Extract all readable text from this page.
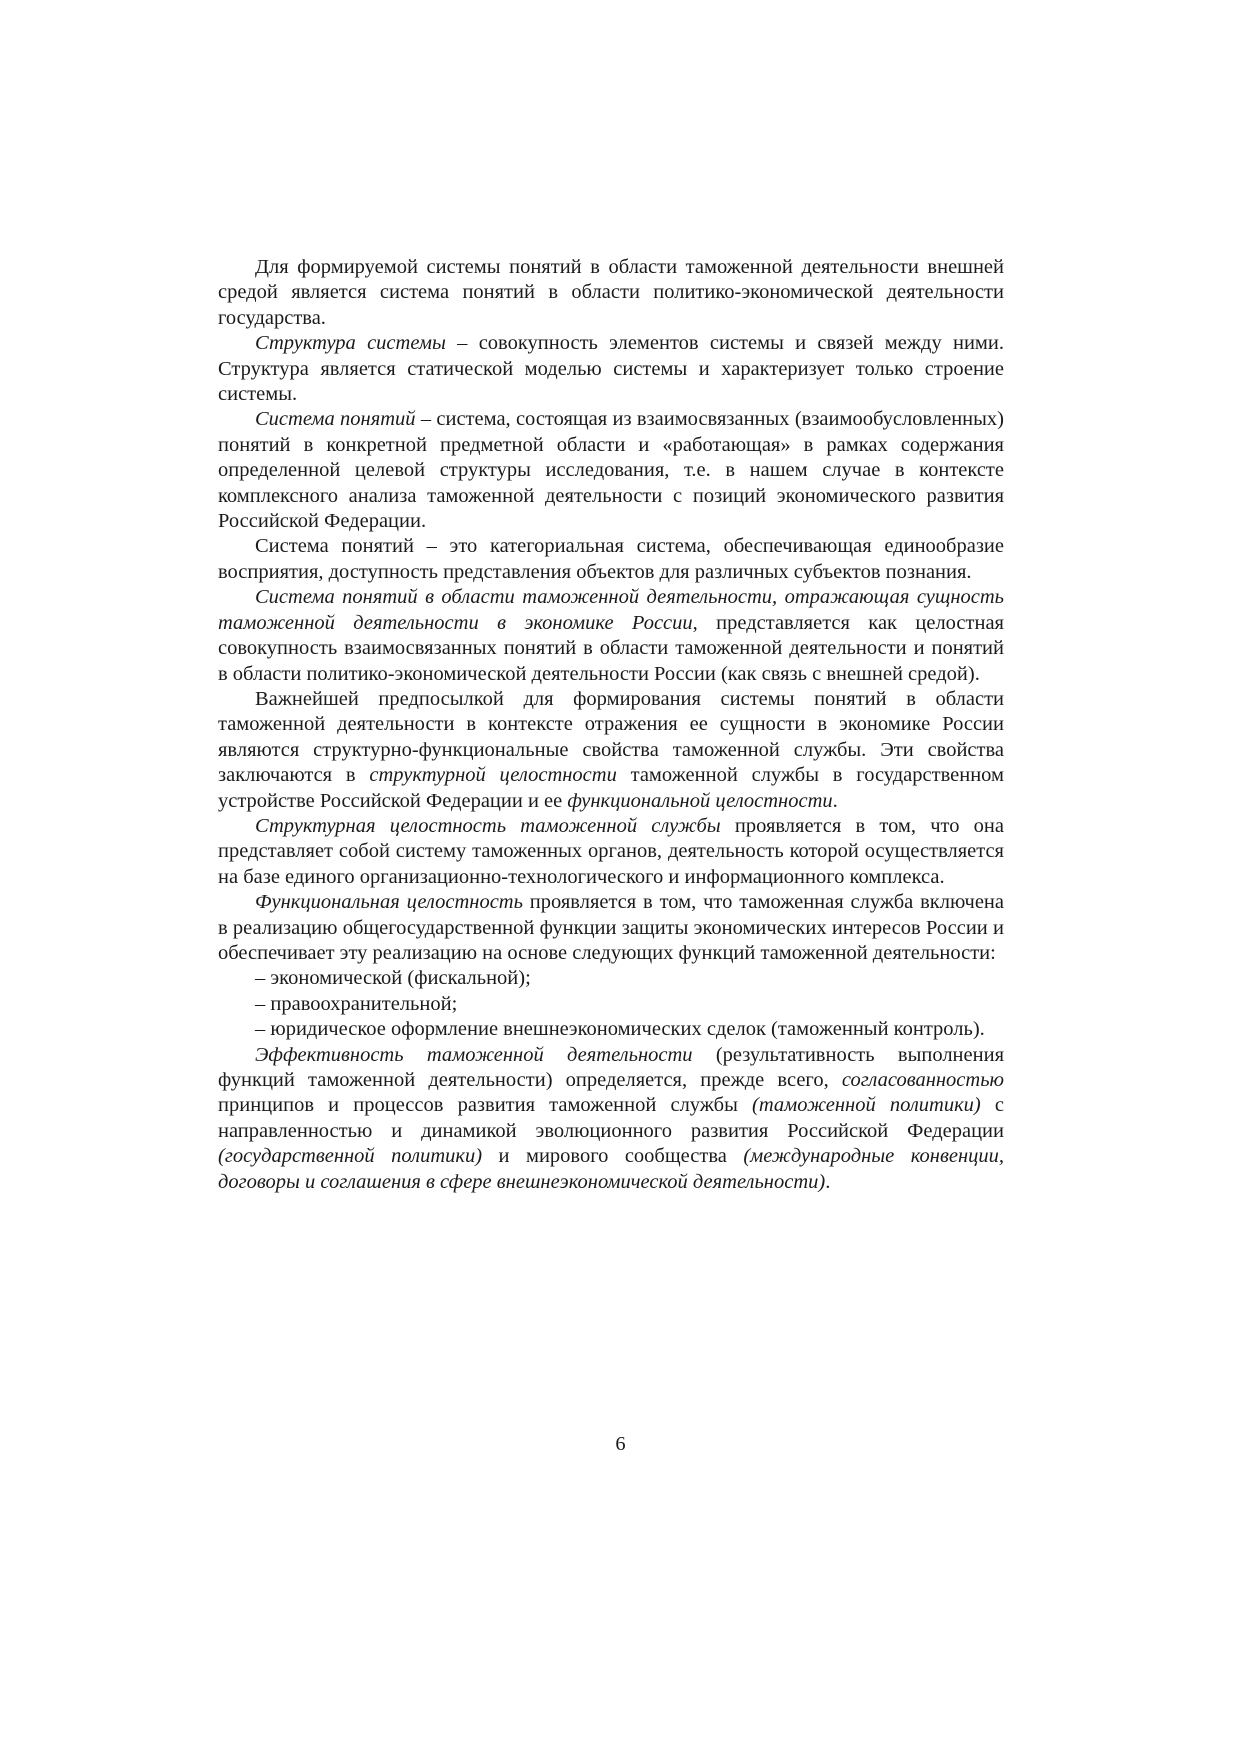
Для формируемой системы понятий в области таможенной деятельности внешней средой является система понятий в области политико-экономической деятельности государства.

Структура системы – совокупность элементов системы и связей между ними. Структура является статической моделью системы и характеризует только строение системы.

Система понятий – система, состоящая из взаимосвязанных (взаимообусловленных) понятий в конкретной предметной области и «работающая» в рамках содержания определенной целевой структуры исследования, т.е. в нашем случае в контексте комплексного анализа таможенной деятельности с позиций экономического развития Российской Федерации.

Система понятий – это категориальная система, обеспечивающая единообразие восприятия, доступность представления объектов для различных субъектов познания.

Система понятий в области таможенной деятельности, отражающая сущность таможенной деятельности в экономике России, представляется как целостная совокупность взаимосвязанных понятий в области таможенной деятельности и понятий в области политико-экономической деятельности России (как связь с внешней средой).

Важнейшей предпосылкой для формирования системы понятий в области таможенной деятельности в контексте отражения ее сущности в экономике России являются структурно-функциональные свойства таможенной службы. Эти свойства заключаются в структурной целостности таможенной службы в государственном устройстве Российской Федерации и ее функциональной целостности.

Структурная целостность таможенной службы проявляется в том, что она представляет собой систему таможенных органов, деятельность которой осуществляется на базе единого организационно-технологического и информационного комплекса.

Функциональная целостность проявляется в том, что таможенная служба включена в реализацию общегосударственной функции защиты экономических интересов России и обеспечивает эту реализацию на основе следующих функций таможенной деятельности:

– экономической (фискальной);

– правоохранительной;

– юридическое оформление внешнеэкономических сделок (таможенный контроль).

Эффективность таможенной деятельности (результативность выполнения функций таможенной деятельности) определяется, прежде всего, согласованностью принципов и процессов развития таможенной службы (таможенной политики) с направленностью и динамикой эволюционного развития Российской Федерации (государственной политики) и мирового сообщества (международные конвенции, договоры и соглашения в сфере внешнеэкономической деятельности).

6
